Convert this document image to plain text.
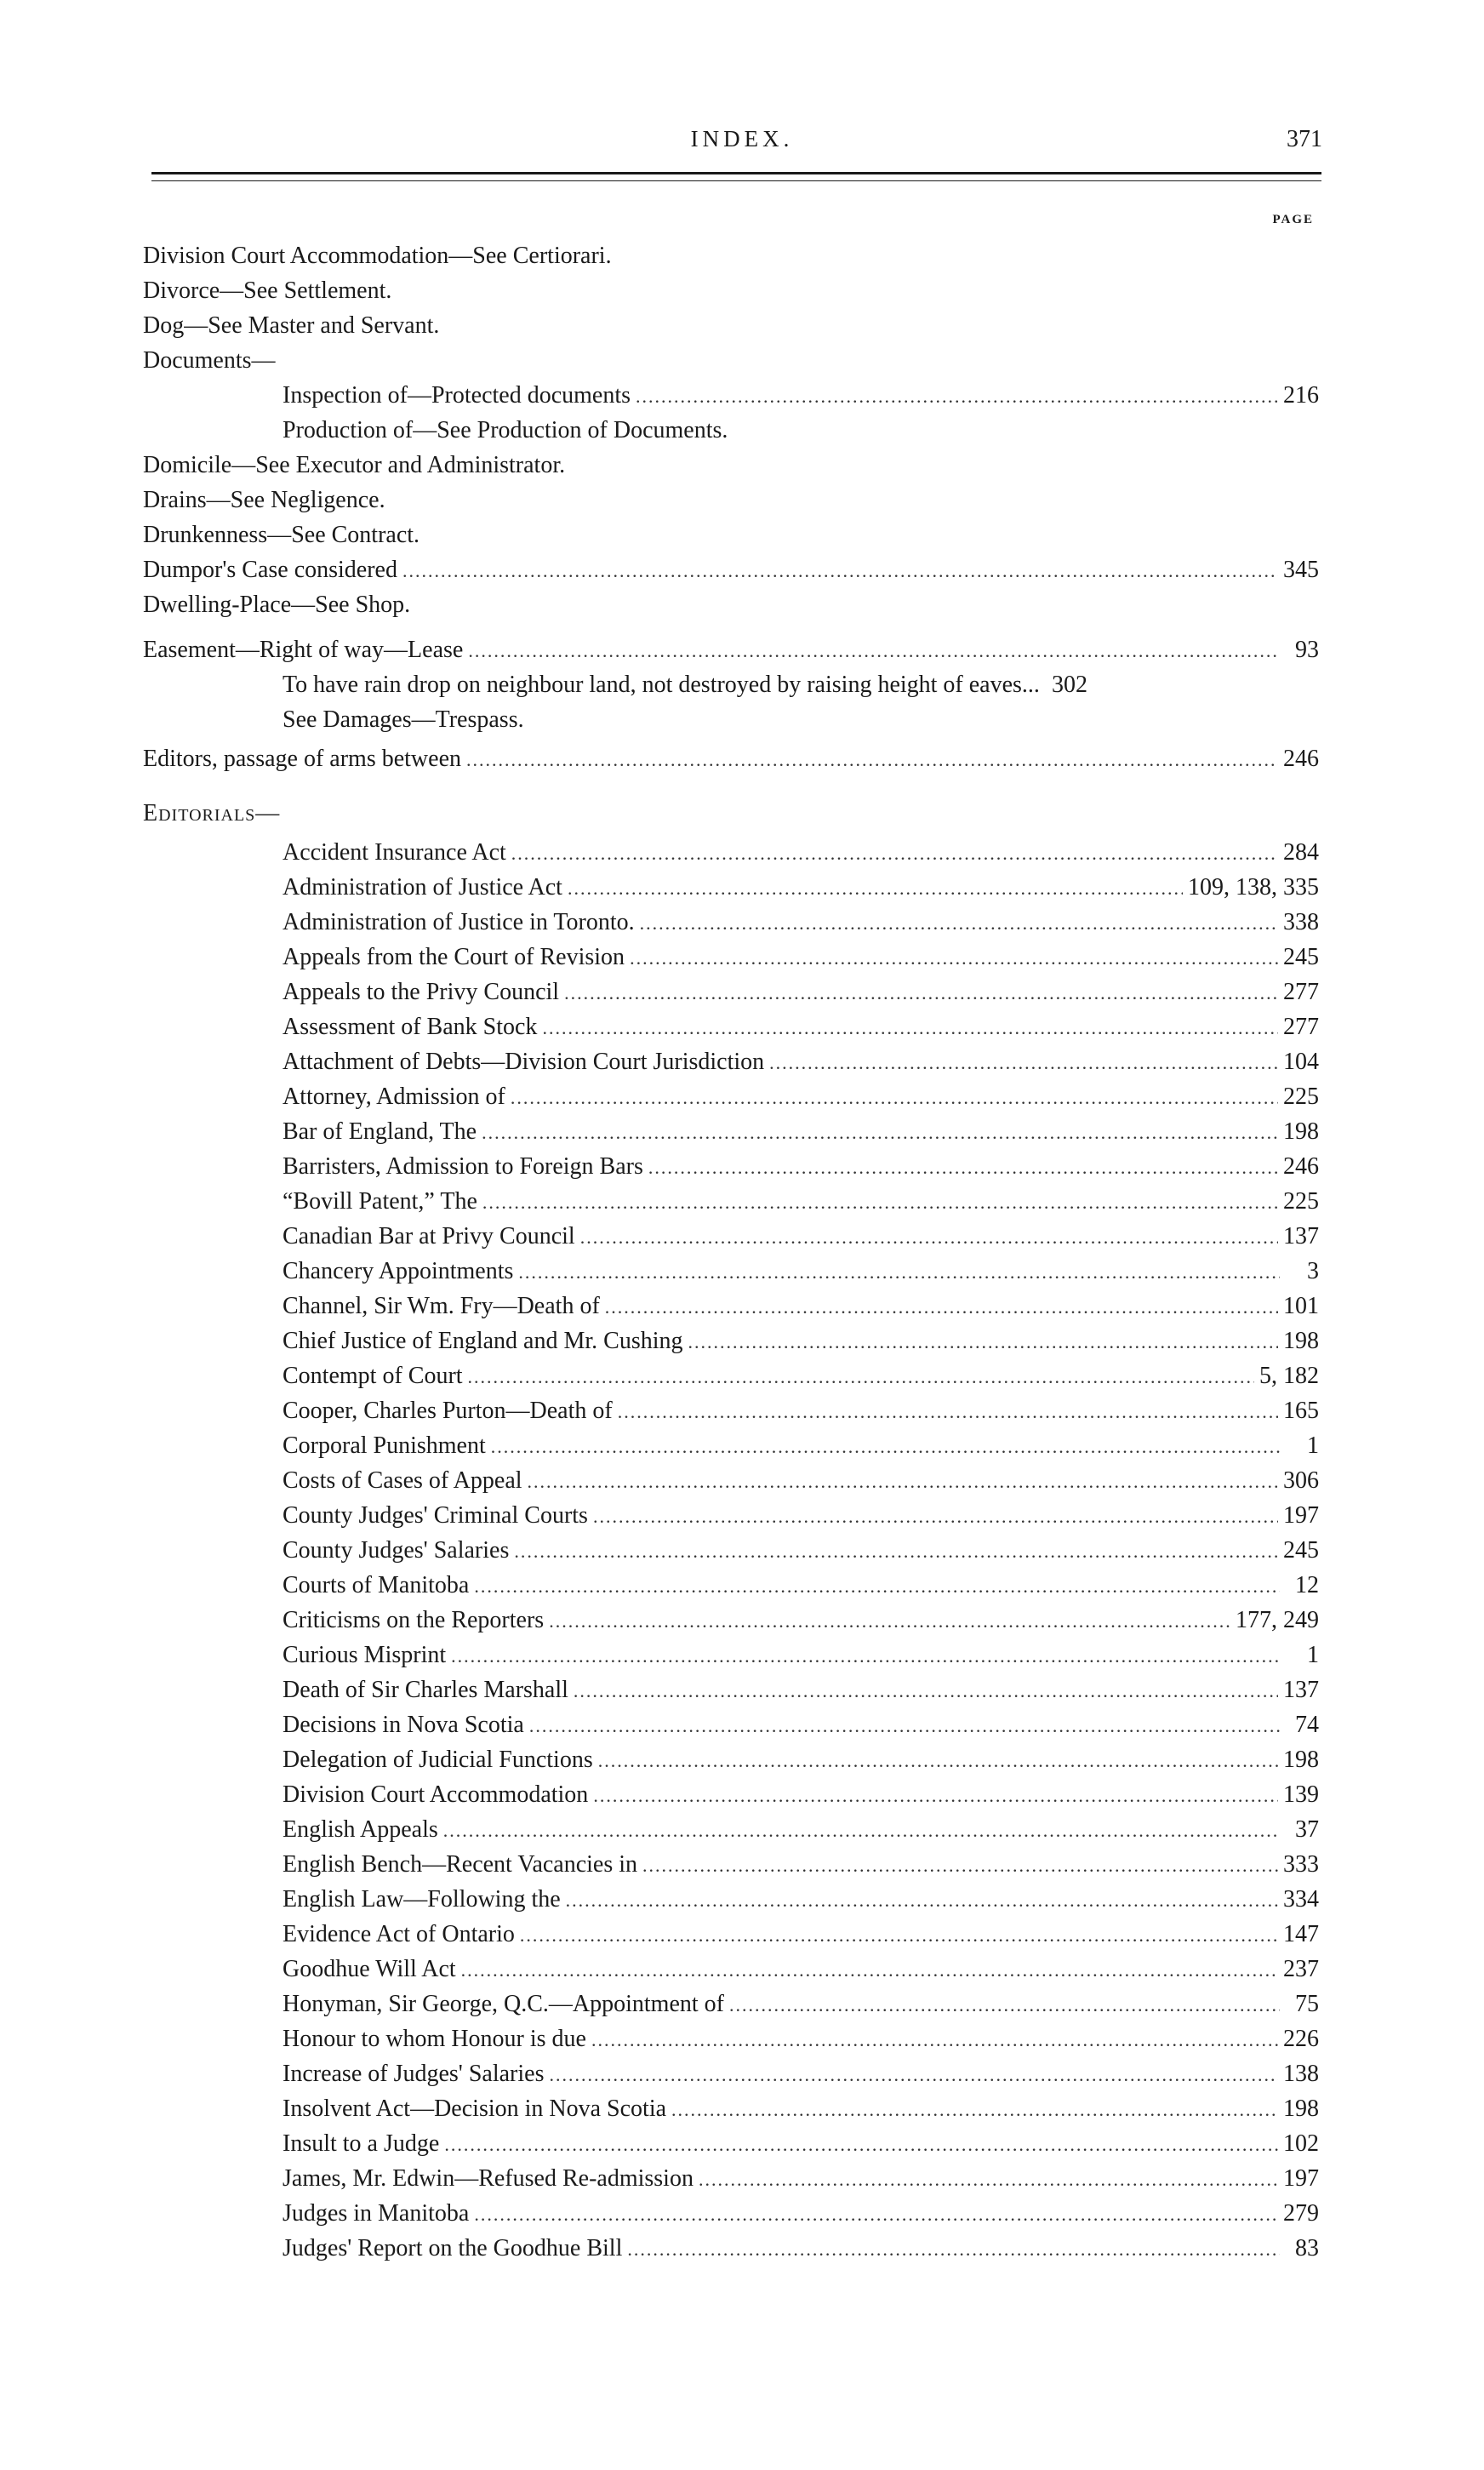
INDEX.	371
PAGE
Division Court Accommodation—See Certiorari.
Divorce—See Settlement.
Dog—See Master and Servant.
Documents—
Inspection of—Protected documents .....	216
Production of—See Production of Documents.
Domicile—See Executor and Administrator.
Drains—See Negligence.
Drunkenness—See Contract.
Dumpor's Case considered .....	345
Dwelling-Place—See Shop.
Easement—Right of way—Lease .....	93
To have rain drop on neighbour land, not destroyed by raising height of eaves... 302
See Damages—Trespass.
Editors, passage of arms between .....	246
Editorials—
Accident Insurance Act .....	284
Administration of Justice Act .....	109, 138, 335
Administration of Justice in Toronto. .....	338
Appeals from the Court of Revision .....	245
Appeals to the Privy Council .....	277
Assessment of Bank Stock .....	277
Attachment of Debts—Division Court Jurisdiction .....	104
Attorney, Admission of .....	225
Bar of England, The .....	198
Barristers, Admission to Foreign Bars .....	246
“Bovill Patent,” The .....	225
Canadian Bar at Privy Council .....	137
Chancery Appointments .....	3
Channel, Sir Wm. Fry—Death of .....	101
Chief Justice of England and Mr. Cushing .....	198
Contempt of Court .....	5, 182
Cooper, Charles Purton—Death of .....	165
Corporal Punishment .....	1
Costs of Cases of Appeal .....	306
County Judges' Criminal Courts .....	197
County Judges' Salaries .....	245
Courts of Manitoba .....	12
Criticisms on the Reporters .....	177, 249
Curious Misprint .....	1
Death of Sir Charles Marshall .....	137
Decisions in Nova Scotia .....	74
Delegation of Judicial Functions .....	198
Division Court Accommodation .....	139
English Appeals .....	37
English Bench—Recent Vacancies in .....	333
English Law—Following the .....	334
Evidence Act of Ontario .....	147
Goodhue Will Act .....	237
Honyman, Sir George, Q.C.—Appointment of .....	75
Honour to whom Honour is due .....	226
Increase of Judges' Salaries .....	138
Insolvent Act—Decision in Nova Scotia .....	198
Insult to a Judge .....	102
James, Mr. Edwin—Refused Re-admission .....	197
Judges in Manitoba .....	279
Judges' Report on the Goodhue Bill .....	83
